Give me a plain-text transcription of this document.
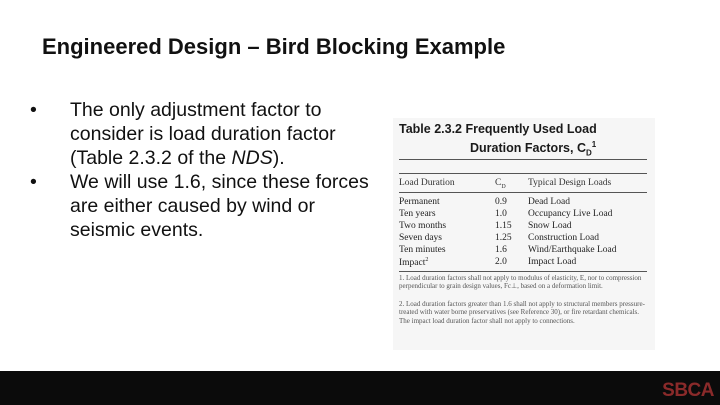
Engineered Design – Bird Blocking Example
•	The only adjustment factor to consider is load duration factor (Table 2.3.2 of the NDS).
•	We will use 1.6, since these forces are either caused by wind or seismic events.
Table 2.3.2 Frequently Used Load
Duration Factors, $C_D^1$
Load Duration	$C_D$	Typical Design Loads
Permanent	0.9	Dead Load
Ten years	1.0	Occupancy Live Load
Two months	1.15	Snow Load
Seven days	1.25	Construction Load
Ten minutes	1.6	Wind/Earthquake Load
Impact$^2$	2.0	Impact Load
1. Load duration factors shall not apply to modulus of elasticity, E, nor to compression perpendicular to grain design values, Fc⊥, based on a deformation limit.
2. Load duration factors greater than 1.6 shall not apply to structural members pressure-treated with water borne preservatives (see Reference 30), or fire retardant chemicals. The impact load duration factor shall not apply to connections.
SBCA
